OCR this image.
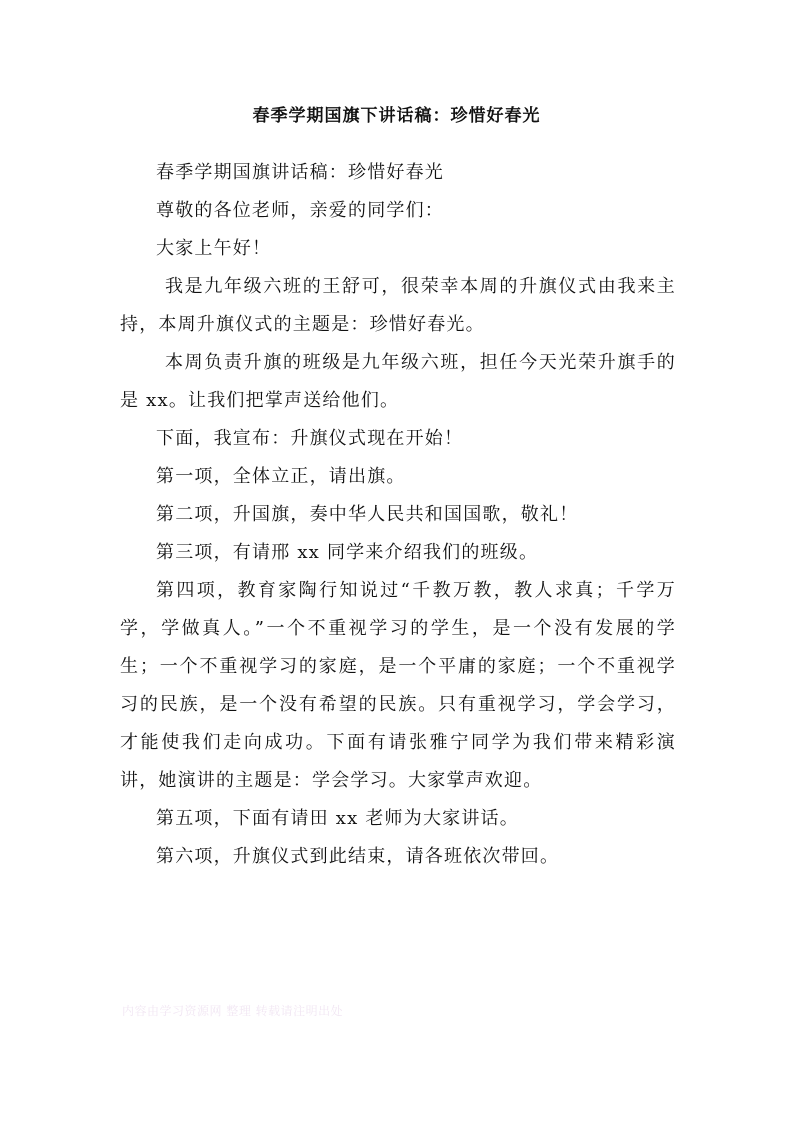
春季学期国旗下讲话稿：珍惜好春光

春季学期国旗讲话稿：珍惜好春光

尊敬的各位老师，亲爱的同学们：

大家上午好！

我是九年级六班的王舒可，很荣幸本周的升旗仪式由我来主持，本周升旗仪式的主题是：珍惜好春光。

本周负责升旗的班级是九年级六班，担任今天光荣升旗手的是 xx。让我们把掌声送给他们。

下面，我宣布：升旗仪式现在开始！

第一项，全体立正，请出旗。

第二项，升国旗，奏中华人民共和国国歌，敬礼！

第三项，有请邢 xx 同学来介绍我们的班级。

第四项，教育家陶行知说过“千教万教，教人求真；千学万学，学做真人。”一个不重视学习的学生，是一个没有发展的学生；一个不重视学习的家庭，是一个平庸的家庭；一个不重视学习的民族，是一个没有希望的民族。只有重视学习，学会学习，才能使我们走向成功。下面有请张雅宁同学为我们带来精彩演讲，她演讲的主题是：学会学习。大家掌声欢迎。

第五项，下面有请田 xx 老师为大家讲话。

第六项，升旗仪式到此结束，请各班依次带回。

内容由学习资源网 整理 转载请注明出处
